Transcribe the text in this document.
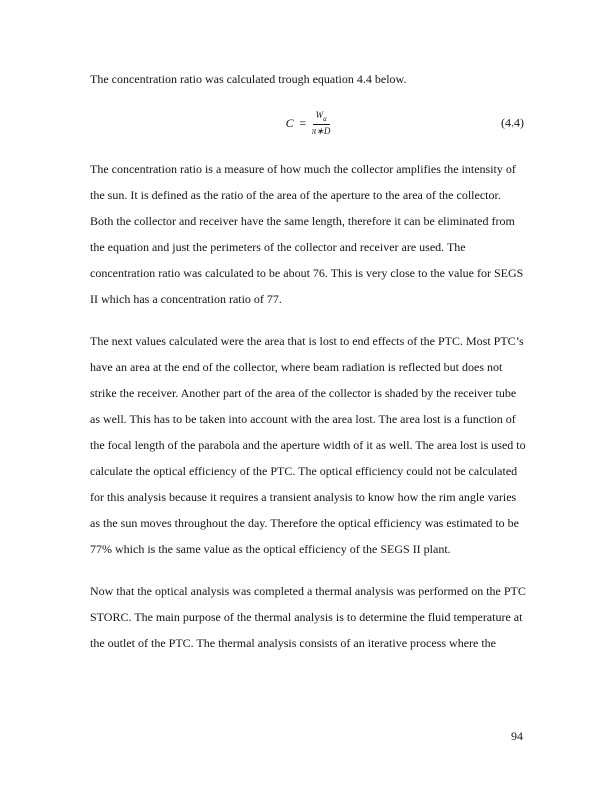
The concentration ratio was calculated trough equation 4.4 below.

$C = \frac{W_a}{\pi∗D}$	(4.4)

The concentration ratio is a measure of how much the collector amplifies the intensity of the sun. It is defined as the ratio of the area of the aperture to the area of the collector. Both the collector and receiver have the same length, therefore it can be eliminated from the equation and just the perimeters of the collector and receiver are used. The concentration ratio was calculated to be about 76. This is very close to the value for SEGS II which has a concentration ratio of 77.

The next values calculated were the area that is lost to end effects of the PTC. Most PTC’s have an area at the end of the collector, where beam radiation is reflected but does not strike the receiver. Another part of the area of the collector is shaded by the receiver tube as well. This has to be taken into account with the area lost. The area lost is a function of the focal length of the parabola and the aperture width of it as well. The area lost is used to calculate the optical efficiency of the PTC. The optical efficiency could not be calculated for this analysis because it requires a transient analysis to know how the rim angle varies as the sun moves throughout the day. Therefore the optical efficiency was estimated to be 77% which is the same value as the optical efficiency of the SEGS II plant.

Now that the optical analysis was completed a thermal analysis was performed on the PTC STORC. The main purpose of the thermal analysis is to determine the fluid temperature at the outlet of the PTC. The thermal analysis consists of an iterative process where the

94
